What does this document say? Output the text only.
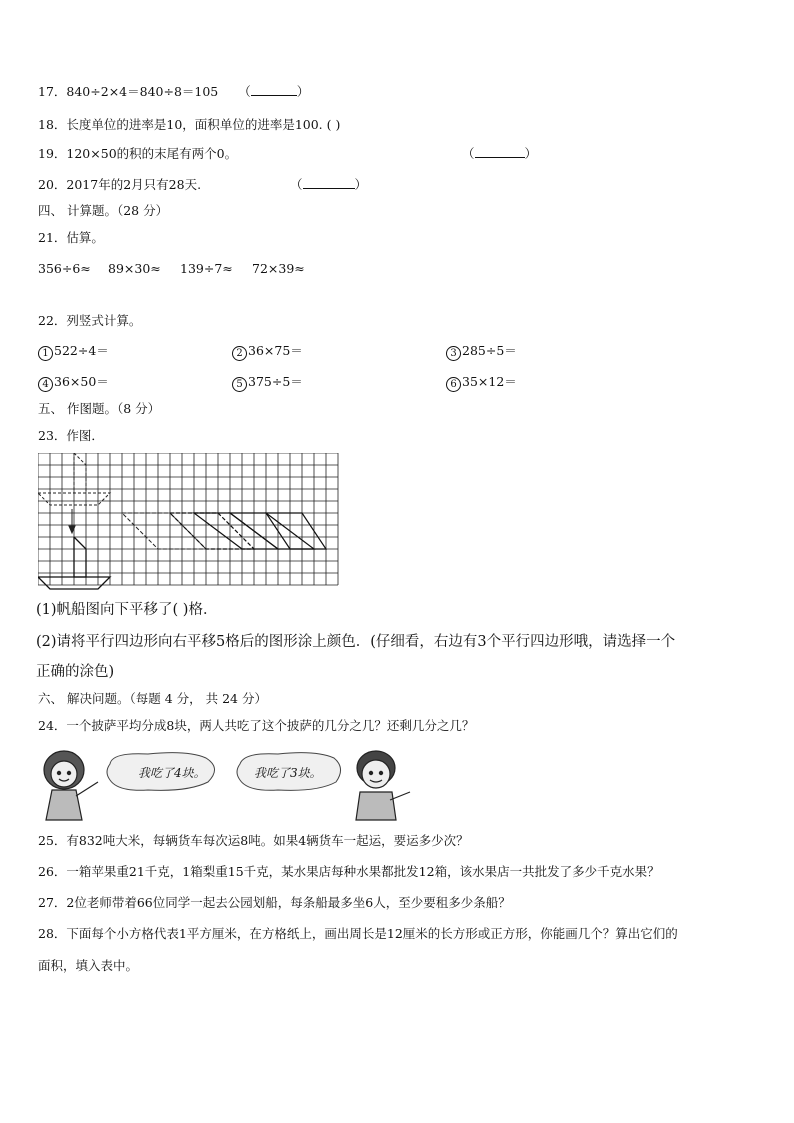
17．840÷2×4＝840÷8＝105 （	）
18．长度单位的进率是10，面积单位的进率是100. ( )
19．120×50的积的末尾有两个0。	（	）
20．2017年的2月只有28天.	（	）
四、 计算题。（28 分）
21．估算。
356÷6≈ 89×30≈ 139÷7≈ 72×39≈
22．列竖式计算。
1 522÷4＝	2 36×75＝	3 285÷5＝
4 36×50＝	5 375÷5＝	6 35×12＝
五、 作图题。（8 分）
23．作图．
(1)帆船图向下平移了( )格．
(2)请将平行四边形向右平移5格后的图形涂上颜色．(仔细看，右边有3个平行四边形哦，请选择一个
正确的涂色)
六、 解决问题。（每题 4 分， 共 24 分）
24．一个披萨平均分成8块，两人共吃了这个披萨的几分之几？还剩几分之几？
我吃了4块。	我吃了3块。
25．有832吨大米，每辆货车每次运8吨。如果4辆货车一起运，要运多少次？
26．一箱苹果重21千克，1箱梨重15千克，某水果店每种水果都批发12箱，该水果店一共批发了多少千克水果？
27．2位老师带着66位同学一起去公园划船，每条船最多坐6人，至少要租多少条船？
28．下面每个小方格代表1平方厘米，在方格纸上，画出周长是12厘米的长方形或正方形，你能画几个？算出它们的
面积，填入表中。
